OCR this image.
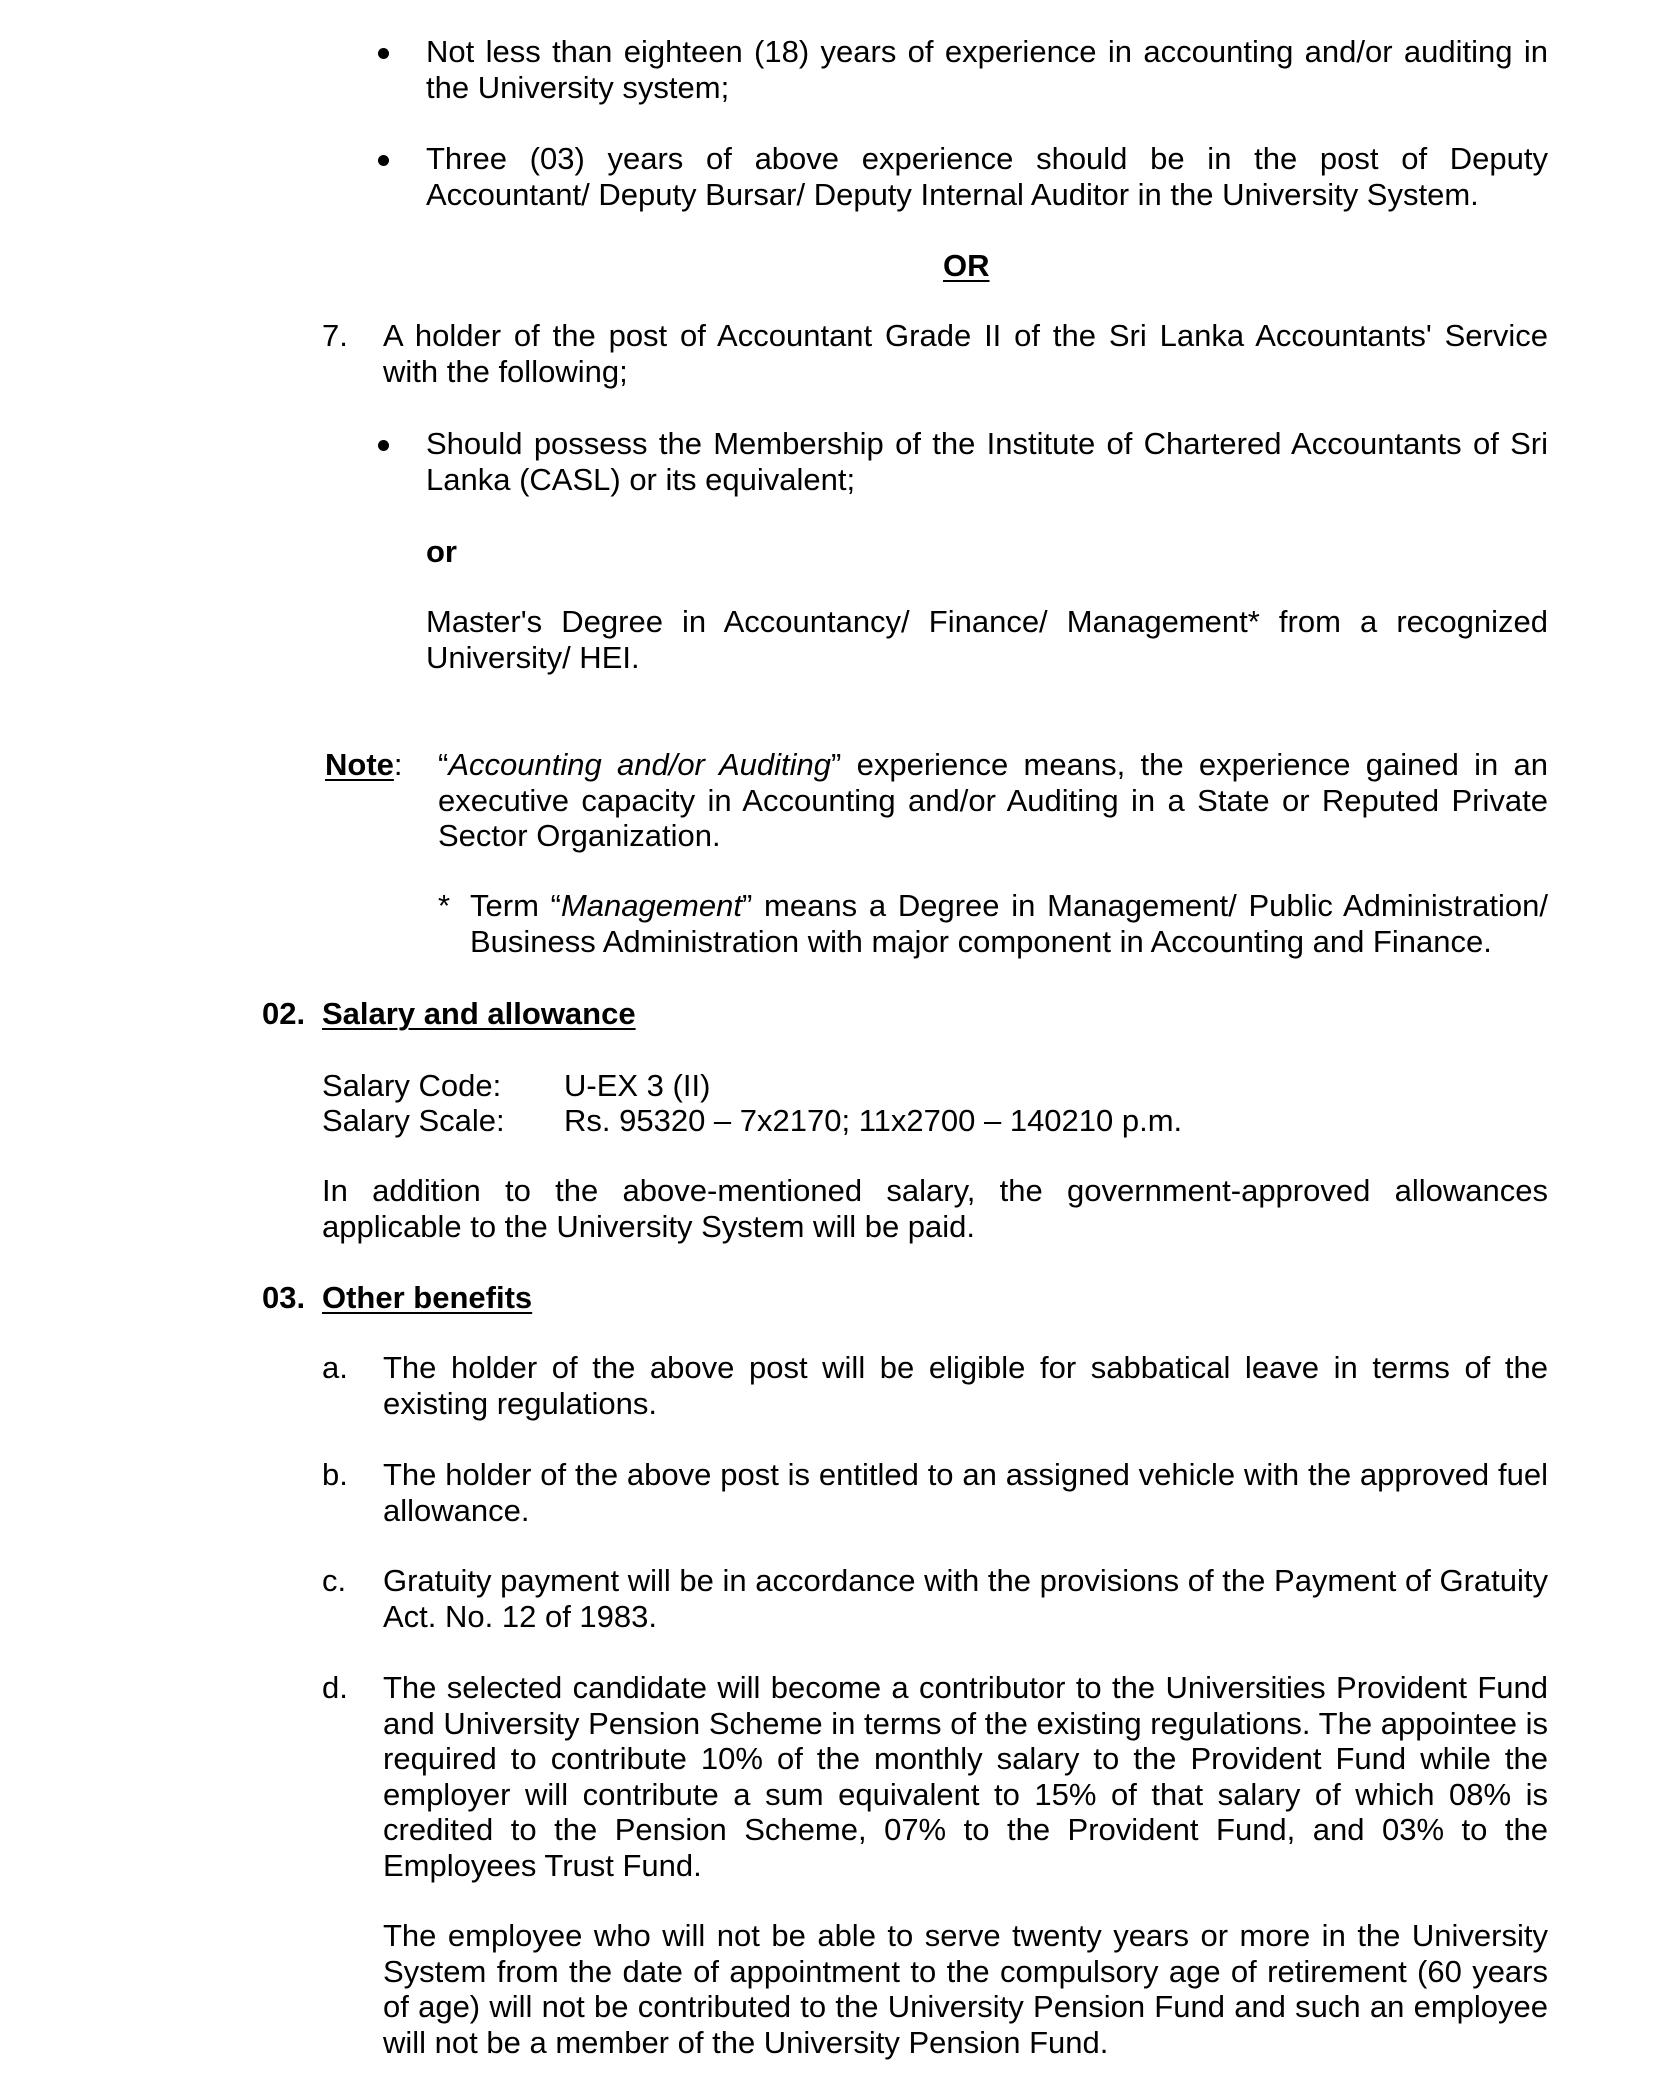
Not less than eighteen (18) years of experience in accounting and/or auditing in the University system;

Three (03) years of above experience should be in the post of Deputy Accountant/ Deputy Bursar/ Deputy Internal Auditor in the University System.

OR

7. A holder of the post of Accountant Grade II of the Sri Lanka Accountants' Service with the following;

Should possess the Membership of the Institute of Chartered Accountants of Sri Lanka (CASL) or its equivalent;

or

Master's Degree in Accountancy/ Finance/ Management* from a recognized University/ HEI.

Note: “Accounting and/or Auditing” experience means, the experience gained in an executive capacity in Accounting and/or Auditing in a State or Reputed Private Sector Organization.

* Term “Management” means a Degree in Management/ Public Administration/ Business Administration with major component in Accounting and Finance.

02. Salary and allowance

Salary Code: U-EX 3 (II)

Salary Scale: Rs. 95320 – 7x2170; 11x2700 – 140210 p.m.

In addition to the above-mentioned salary, the government-approved allowances applicable to the University System will be paid.

03. Other benefits

a. The holder of the above post will be eligible for sabbatical leave in terms of the existing regulations.

b. The holder of the above post is entitled to an assigned vehicle with the approved fuel allowance.

c. Gratuity payment will be in accordance with the provisions of the Payment of Gratuity Act. No. 12 of 1983.

d. The selected candidate will become a contributor to the Universities Provident Fund and University Pension Scheme in terms of the existing regulations. The appointee is required to contribute 10% of the monthly salary to the Provident Fund while the employer will contribute a sum equivalent to 15% of that salary of which 08% is credited to the Pension Scheme, 07% to the Provident Fund, and 03% to the Employees Trust Fund.

The employee who will not be able to serve twenty years or more in the University System from the date of appointment to the compulsory age of retirement (60 years of age) will not be contributed to the University Pension Fund and such an employee will not be a member of the University Pension Fund.
